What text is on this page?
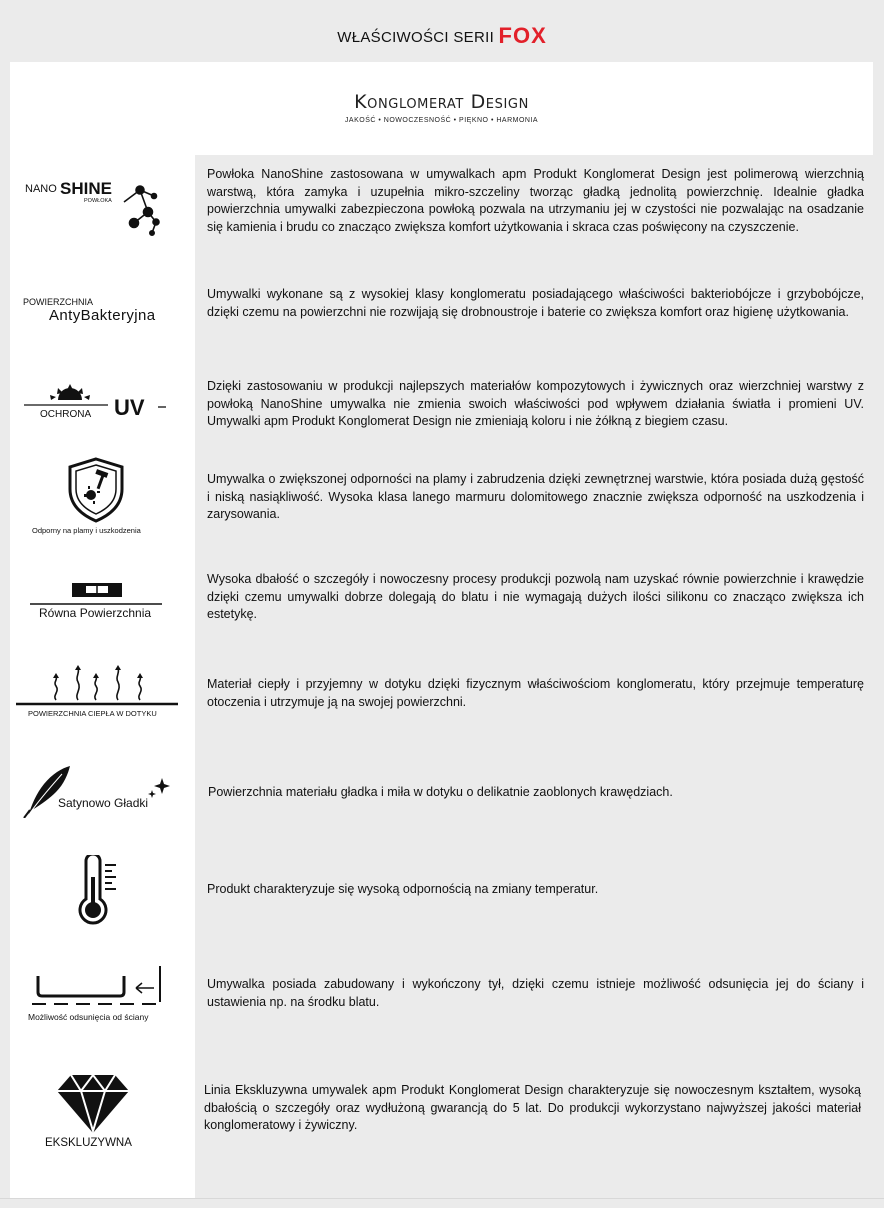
WŁAŚCIWOŚCI SERII FOX
Konglomerat Design
JAKOŚĆ • NOWOCZESNOŚĆ • PIĘKNO • HARMONIA
NANO SHINE
POWŁOKA
Powłoka NanoShine zastosowana w umywalkach apm Produkt Konglomerat Design jest polimerową wierzchnią warstwą, która zamyka i uzupełnia mikro-szczeliny tworząc gładką jednolitą powierzchnię. Idealnie gładka powierzchnia umywalki zabezpieczona powłoką pozwala na utrzymaniu jej w czystości nie pozwalając na osadzanie się kamienia i brudu co znacząco zwiększa komfort użytkowania i skraca czas poświęcony na czyszczenie.
POWIERZCHNIA
AntyBakteryjna
Umywalki wykonane są z wysokiej klasy konglomeratu posiadającego właściwości bakteriobójcze i grzybobójcze, dzięki czemu na powierzchni nie rozwijają się drobnoustroje i baterie co zwiększa komfort oraz higienę użytkowania.
OCHRONA UV
Dzięki zastosowaniu w produkcji najlepszych materiałów kompozytowych i żywicznych oraz wierzchniej warstwy z powłoką NanoShine umywalka nie zmienia swoich właściwości pod wpływem działania światła i promieni UV. Umywalki apm Produkt Konglomerat Design nie zmieniają koloru i nie żółkną z biegiem czasu.
Odporny na plamy i uszkodzenia
Umywalka o zwiększonej odporności na plamy i zabrudzenia dzięki zewnętrznej warstwie, która posiada dużą gęstość i niską nasiąkliwość. Wysoka klasa lanego marmuru dolomitowego znacznie zwiększa odporność na uszkodzenia i zarysowania.
Równa Powierzchnia
Wysoka dbałość o szczegóły i nowoczesny procesy produkcji pozwolą nam uzyskać równie powierzchnie i krawędzie dzięki czemu umywalki dobrze dolegają do blatu i nie wymagają dużych ilości silikonu co znacząco zwiększa ich estetykę.
POWIERZCHNIA CIEPŁA W DOTYKU
Materiał ciepły i przyjemny w dotyku dzięki fizycznym właściwościom konglomeratu, który przejmuje temperaturę otoczenia i utrzymuje ją na swojej powierzchni.
Satynowo Gładki
Powierzchnia materiału gładka i miła w dotyku o delikatnie zaoblonych krawędziach.
Produkt charakteryzuje się wysoką odpornością na zmiany temperatur.
Możliwość odsunięcia od ściany
Umywalka posiada zabudowany i wykończony tył, dzięki czemu istnieje możliwość odsunięcia jej do ściany i ustawienia np. na środku blatu.
EKSKLUZYWNA
Linia Ekskluzywna umywalek apm Produkt Konglomerat Design charakteryzuje się nowoczesnym kształtem, wysoką dbałością o szczegóły oraz wydłużoną gwarancją do 5 lat. Do produkcji wykorzystano najwyższej jakości materiał konglomeratowy i żywiczny.
